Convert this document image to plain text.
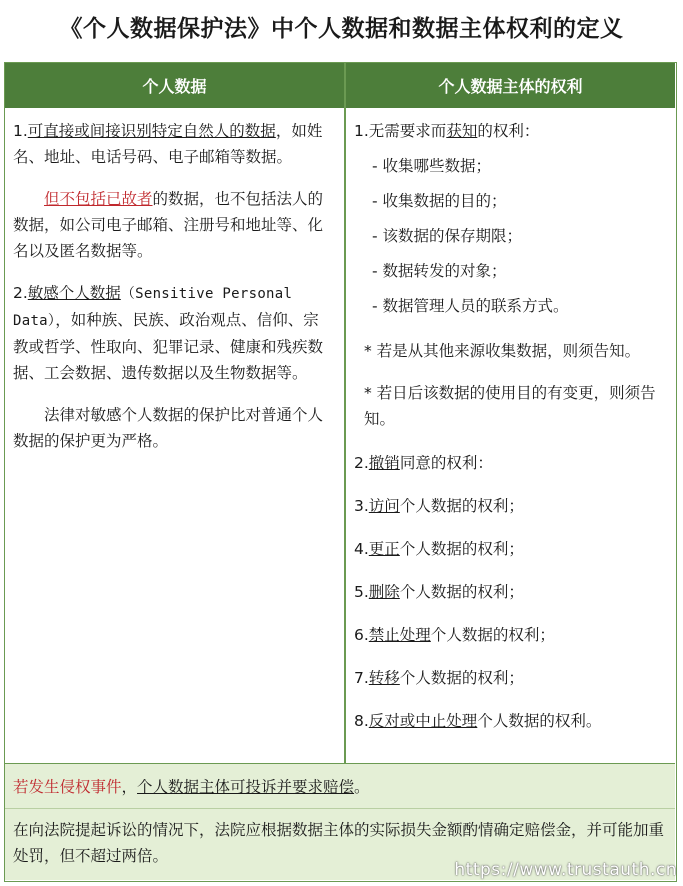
《个人数据保护法》中个人数据和数据主体权利的定义
个人数据	个人数据主体的权利

1.可直接或间接识别特定自然人的数据，如姓名、地址、电话号码、电子邮箱等数据。

但不包括已故者的数据，也不包括法人的数据，如公司电子邮箱、注册号和地址等、化名以及匿名数据等。

2.敏感个人数据（Sensitive Personal Data），如种族、民族、政治观点、信仰、宗教或哲学、性取向、犯罪记录、健康和残疾数据、工会数据、遗传数据以及生物数据等。

法律对敏感个人数据的保护比对普通个人数据的保护更为严格。

1.无需要求而获知的权利：

- 收集哪些数据；

- 收集数据的目的；

- 该数据的保存期限；

- 数据转发的对象；

- 数据管理人员的联系方式。

* 若是从其他来源收集数据，则须告知。

* 若日后该数据的使用目的有变更，则须告知。

2.撤销同意的权利：

3.访问个人数据的权利；

4.更正个人数据的权利；

5.删除个人数据的权利；

6.禁止处理个人数据的权利；

7.转移个人数据的权利；

8.反对或中止处理个人数据的权利。

若发生侵权事件，个人数据主体可投诉并要求赔偿。

在向法院提起诉讼的情况下，法院应根据数据主体的实际损失金额酌情确定赔偿金，并可能加重处罚，但不超过两倍。

https://www.trustauth.cn
